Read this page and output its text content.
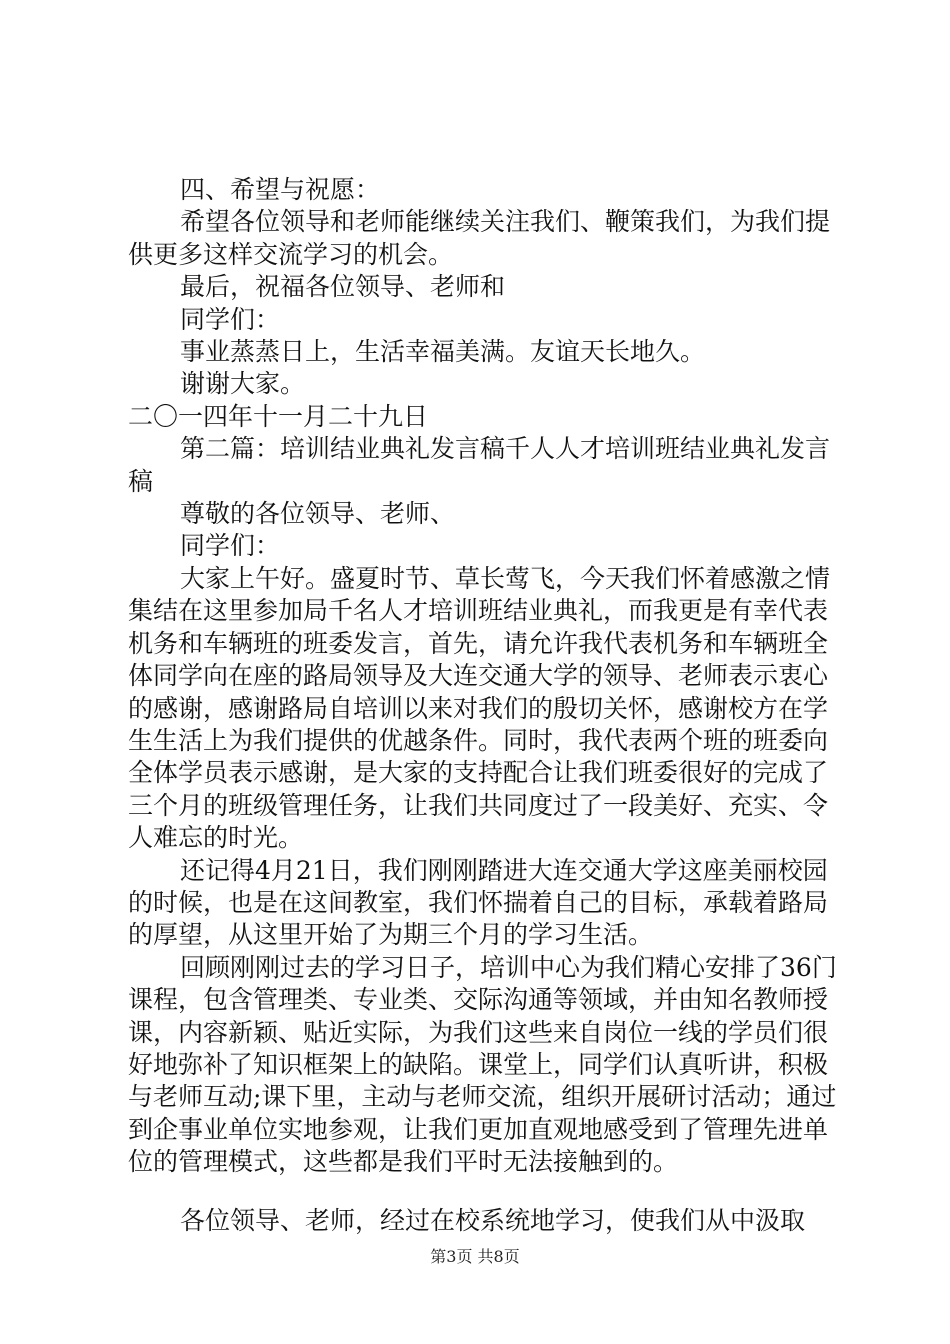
四、希望与祝愿：

希望各位领导和老师能继续关注我们、鞭策我们，为我们提供更多这样交流学习的机会。

最后，祝福各位领导、老师和

同学们：

事业蒸蒸日上，生活幸福美满。友谊天长地久。

谢谢大家。

二〇一四年十一月二十九日

第二篇：培训结业典礼发言稿千人人才培训班结业典礼发言稿

尊敬的各位领导、老师、

同学们：

大家上午好。盛夏时节、草长莺飞，今天我们怀着感激之情集结在这里参加局千名人才培训班结业典礼，而我更是有幸代表机务和车辆班的班委发言，首先，请允许我代表机务和车辆班全体同学向在座的路局领导及大连交通大学的领导、老师表示衷心的感谢，感谢路局自培训以来对我们的殷切关怀，感谢校方在学生生活上为我们提供的优越条件。同时，我代表两个班的班委向全体学员表示感谢，是大家的支持配合让我们班委很好的完成了三个月的班级管理任务，让我们共同度过了一段美好、充实、令人难忘的时光。

还记得4月21日，我们刚刚踏进大连交通大学这座美丽校园的时候，也是在这间教室，我们怀揣着自己的目标，承载着路局的厚望，从这里开始了为期三个月的学习生活。

回顾刚刚过去的学习日子，培训中心为我们精心安排了36门课程，包含管理类、专业类、交际沟通等领域，并由知名教师授课，内容新颖、贴近实际，为我们这些来自岗位一线的学员们很好地弥补了知识框架上的缺陷。课堂上，同学们认真听讲，积极与老师互动;课下里，主动与老师交流，组织开展研讨活动；通过到企事业单位实地参观，让我们更加直观地感受到了管理先进单位的管理模式，这些都是我们平时无法接触到的。

各位领导、老师，经过在校系统地学习，使我们从中汲取

第3页 共8页
